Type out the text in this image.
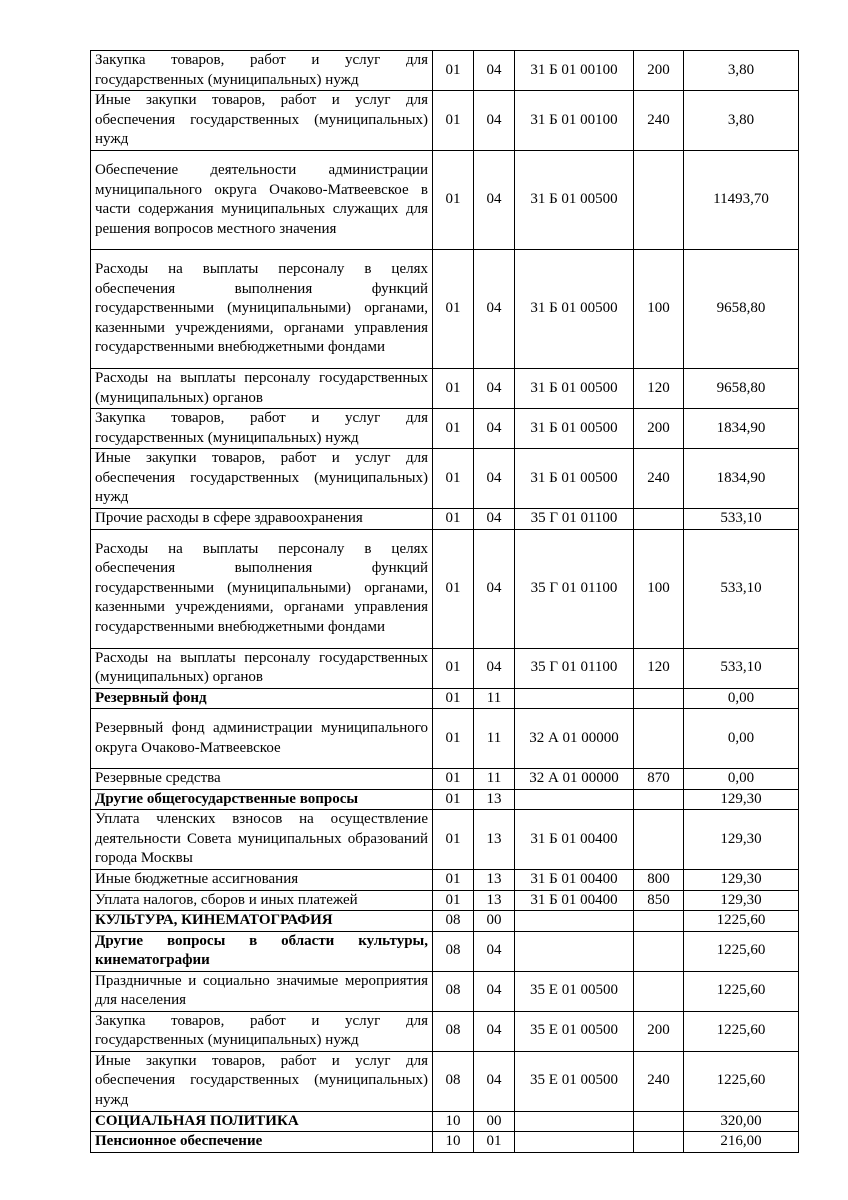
Закупка товаров, работ и услуг для государственных (муниципальных) нужд	01	04	31 Б 01 00100	200	3,80
Иные закупки товаров, работ и услуг для обеспечения государственных (муниципальных) нужд	01	04	31 Б 01 00100	240	3,80
Обеспечение деятельности администрации муниципального округа Очаково-Матвеевское в части содержания муниципальных служащих для решения вопросов местного значения	01	04	31 Б 01 00500		11493,70
Расходы на выплаты персоналу в целях обеспечения выполнения функций государственными (муниципальными) органами, казенными учреждениями, органами управления государственными внебюджетными фондами	01	04	31 Б 01 00500	100	9658,80
Расходы на выплаты персоналу государственных (муниципальных) органов	01	04	31 Б 01 00500	120	9658,80
Закупка товаров, работ и услуг для государственных (муниципальных) нужд	01	04	31 Б 01 00500	200	1834,90
Иные закупки товаров, работ и услуг для обеспечения государственных (муниципальных) нужд	01	04	31 Б 01 00500	240	1834,90
Прочие расходы в сфере здравоохранения	01	04	35 Г 01 01100		533,10
Расходы на выплаты персоналу в целях обеспечения выполнения функций государственными (муниципальными) органами, казенными учреждениями, органами управления государственными внебюджетными фондами	01	04	35 Г 01 01100	100	533,10
Расходы на выплаты персоналу государственных (муниципальных) органов	01	04	35 Г 01 01100	120	533,10
Резервный фонд	01	11			0,00
Резервный фонд администрации муниципального округа Очаково-Матвеевское	01	11	32 А 01 00000		0,00
Резервные средства	01	11	32 А 01 00000	870	0,00
Другие общегосударственные вопросы	01	13			129,30
Уплата членских взносов на осуществление деятельности Совета муниципальных образований города Москвы	01	13	31 Б 01 00400		129,30
Иные бюджетные ассигнования	01	13	31 Б 01 00400	800	129,30
Уплата налогов, сборов и иных платежей	01	13	31 Б 01 00400	850	129,30
КУЛЬТУРА, КИНЕМАТОГРАФИЯ	08	00			1225,60
Другие вопросы в области культуры, кинематографии	08	04			1225,60
Праздничные и социально значимые мероприятия для населения	08	04	35 Е 01 00500		1225,60
Закупка товаров, работ и услуг для государственных (муниципальных) нужд	08	04	35 Е 01 00500	200	1225,60
Иные закупки товаров, работ и услуг для обеспечения государственных (муниципальных) нужд	08	04	35 Е 01 00500	240	1225,60
СОЦИАЛЬНАЯ ПОЛИТИКА	10	00			320,00
Пенсионное обеспечение	10	01			216,00
